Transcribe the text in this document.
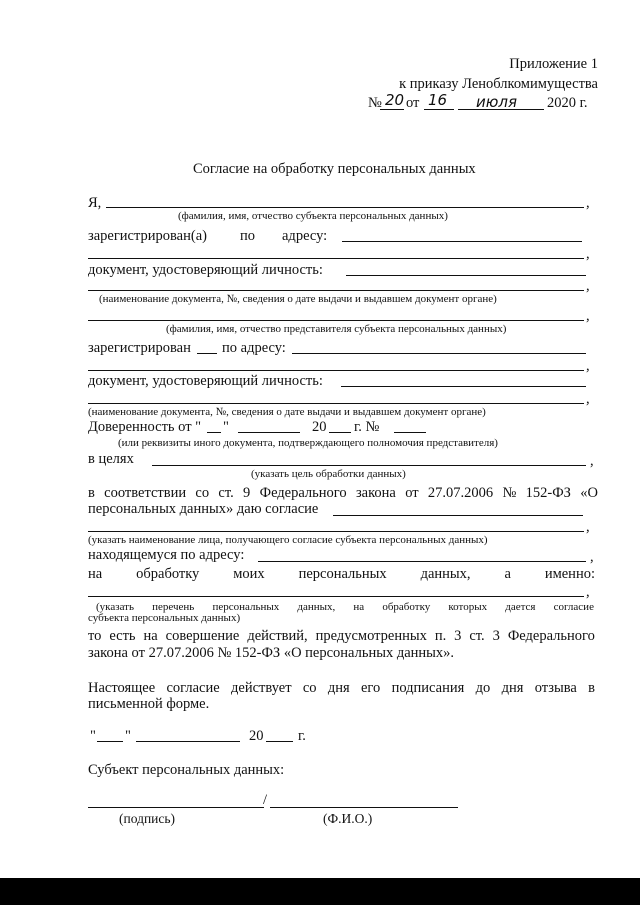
Приложение 1
к приказу Леноблкомимущества
№ 20 от 16 июля 2020 г.
Согласие на обработку персональных данных
Я,	,
(фамилия, имя, отчество субъекта персональных данных)
зарегистрирован(а) по адресу:
,
документ, удостоверяющий личность:
,
(наименование документа, №, сведения о дате выдачи и выдавшем документ органе)
,
(фамилия, имя, отчество представителя субъекта персональных данных)
зарегистрирован по адресу:
,
документ, удостоверяющий личность:
,
(наименование документа, №, сведения о дате выдачи и выдавшем документ органе)
Доверенность от " "	20 г. №
(или реквизиты иного документа, подтверждающего полномочия представителя)
в целях	,
(указать цель обработки данных)
в соответствии со ст. 9 Федерального закона от 27.07.2006 № 152-ФЗ «О
персональных данных» даю согласие
,
(указать наименование лица, получающего согласие субъекта персональных данных)
находящемуся по адресу:	,
на обработку моих персональных данных, а именно:
,
(указать перечень персональных данных, на обработку которых дается согласие
субъекта персональных данных)
то есть на совершение действий, предусмотренных п. 3 ст. 3 Федерального
закона от 27.07.2006 № 152-ФЗ «О персональных данных».
Настоящее согласие действует со дня его подписания до дня отзыва в
письменной форме.
" "	20 г.
Субъект персональных данных:
/
(подпись)	(Ф.И.О.)
